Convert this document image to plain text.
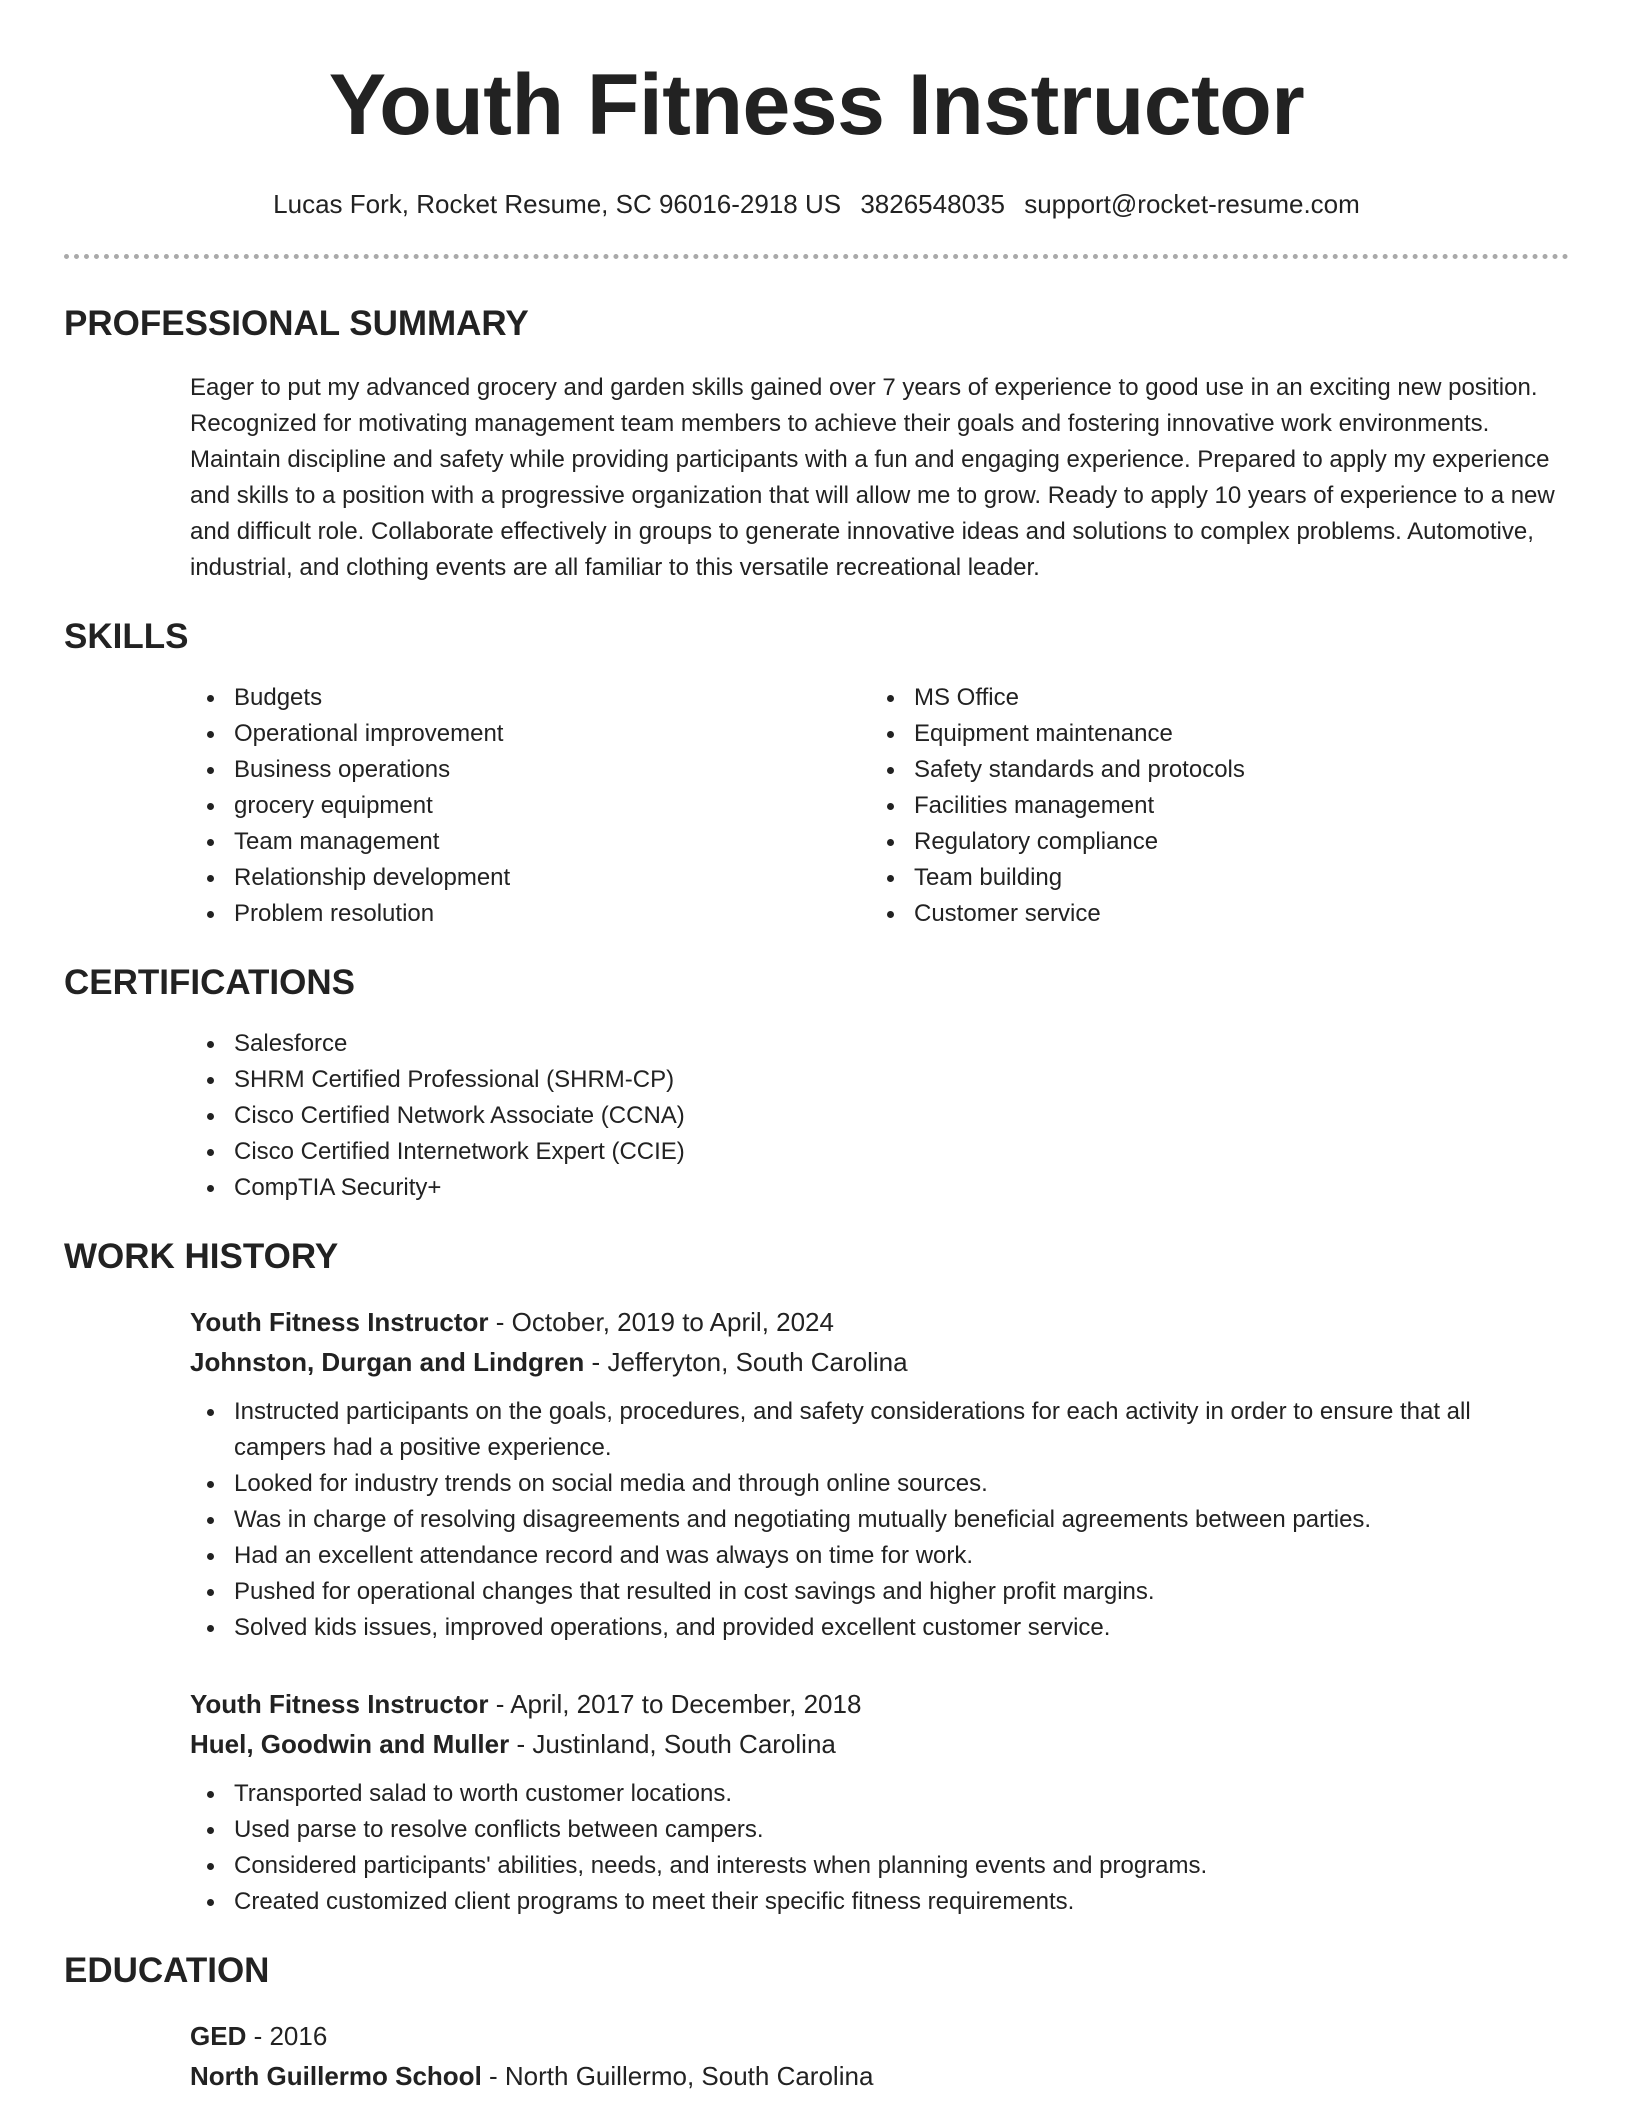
Youth Fitness Instructor
Lucas Fork, Rocket Resume, SC 96016-2918 US 3826548035 support@rocket-resume.com
PROFESSIONAL SUMMARY

Eager to put my advanced grocery and garden skills gained over 7 years of experience to good use in an exciting new position. Recognized for motivating management team members to achieve their goals and fostering innovative work environments. Maintain discipline and safety while providing participants with a fun and engaging experience. Prepared to apply my experience and skills to a position with a progressive organization that will allow me to grow. Ready to apply 10 years of experience to a new and difficult role. Collaborate effectively in groups to generate innovative ideas and solutions to complex problems. Automotive, industrial, and clothing events are all familiar to this versatile recreational leader.

SKILLS
Budgets
Operational improvement
Business operations
grocery equipment
Team management
Relationship development
Problem resolution
MS Office
Equipment maintenance
Safety standards and protocols
Facilities management
Regulatory compliance
Team building
Customer service
CERTIFICATIONS
Salesforce
SHRM Certified Professional (SHRM-CP)
Cisco Certified Network Associate (CCNA)
Cisco Certified Internetwork Expert (CCIE)
CompTIA Security+
WORK HISTORY
Youth Fitness Instructor - October, 2019 to April, 2024
Johnston, Durgan and Lindgren - Jefferyton, South Carolina
Instructed participants on the goals, procedures, and safety considerations for each activity in order to ensure that all campers had a positive experience.
Looked for industry trends on social media and through online sources.
Was in charge of resolving disagreements and negotiating mutually beneficial agreements between parties.
Had an excellent attendance record and was always on time for work.
Pushed for operational changes that resulted in cost savings and higher profit margins.
Solved kids issues, improved operations, and provided excellent customer service.
Youth Fitness Instructor - April, 2017 to December, 2018
Huel, Goodwin and Muller - Justinland, South Carolina
Transported salad to worth customer locations.
Used parse to resolve conflicts between campers.
Considered participants' abilities, needs, and interests when planning events and programs.
Created customized client programs to meet their specific fitness requirements.
EDUCATION
GED - 2016
North Guillermo School - North Guillermo, South Carolina
